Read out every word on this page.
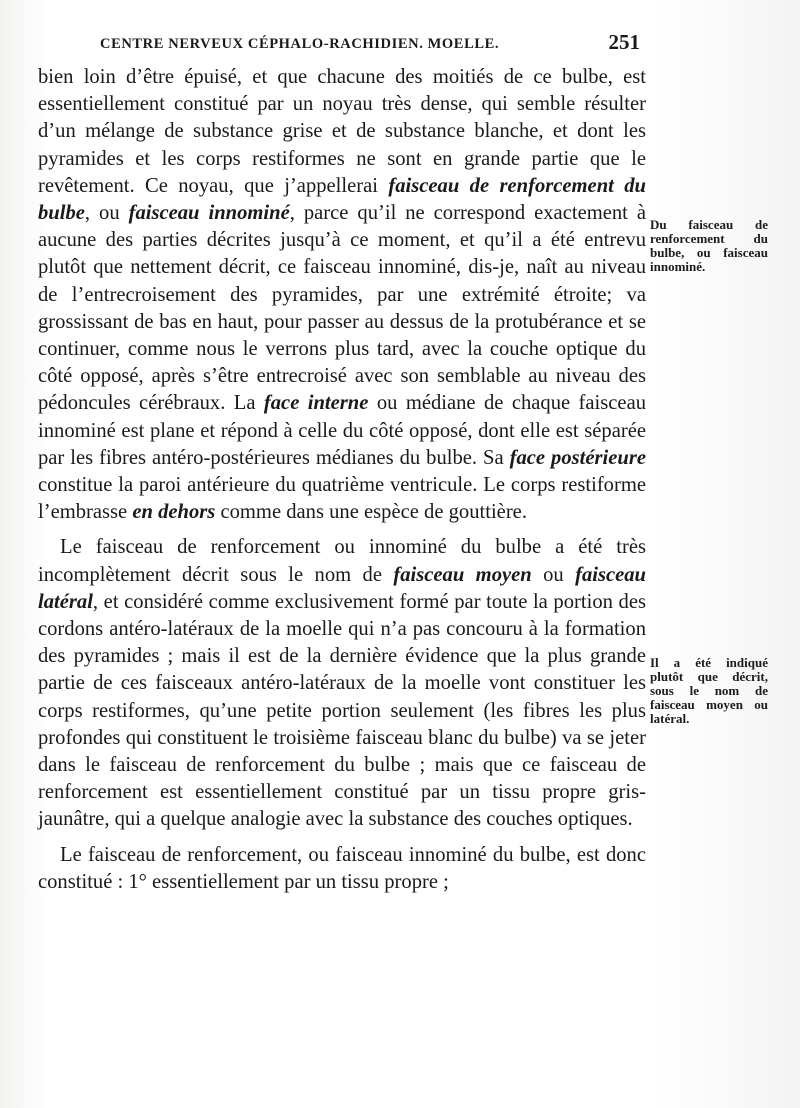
CENTRE NERVEUX CÉPHALO-RACHIDIEN. MOELLE.	251

bien loin d’être épuisé, et que chacune des moitiés de ce bulbe, est essentiellement constitué par un noyau très dense, qui semble résulter d’un mélange de substance grise et de substance blanche, et dont les pyramides et les corps restiformes ne sont en grande partie que le revêtement. Ce noyau, que j’appellerai faisceau de renforcement du bulbe, ou faisceau innominé, parce qu’il ne correspond exactement à aucune des parties décrites jusqu’à ce moment, et qu’il a été entrevu plutôt que nettement décrit, ce faisceau innominé, dis-je, naît au niveau de l’entrecroisement des pyramides, par une extrémité étroite; va grossissant de bas en haut, pour passer au dessus de la protubérance et se continuer, comme nous le verrons plus tard, avec la couche optique du côté opposé, après s’être entrecroisé avec son semblable au niveau des pédoncules cérébraux. La face interne ou médiane de chaque faisceau innominé est plane et répond à celle du côté opposé, dont elle est séparée par les fibres antéro-postérieures médianes du bulbe. Sa face postérieure constitue la paroi antérieure du quatrième ventricule. Le corps restiforme l’embrasse en dehors comme dans une espèce de gouttière.

Le faisceau de renforcement ou innominé du bulbe a été très incomplètement décrit sous le nom de faisceau moyen ou faisceau latéral, et considéré comme exclusivement formé par toute la portion des cordons antéro-latéraux de la moelle qui n’a pas concouru à la formation des pyramides ; mais il est de la dernière évidence que la plus grande partie de ces faisceaux antéro-latéraux de la moelle vont constituer les corps restiformes, qu’une petite portion seulement (les fibres les plus profondes qui constituent le troisième faisceau blanc du bulbe) va se jeter dans le faisceau de renforcement du bulbe ; mais que ce faisceau de renforcement est essentiellement constitué par un tissu propre gris-jaunâtre, qui a quelque analogie avec la substance des couches optiques.

Le faisceau de renforcement, ou faisceau innominé du bulbe, est donc constitué : 1° essentiellement par un tissu propre ;

Du faisceau de renforcement du bulbe, ou faisceau innominé.
Il a été indiqué plutôt que décrit, sous le nom de faisceau moyen ou latéral.
